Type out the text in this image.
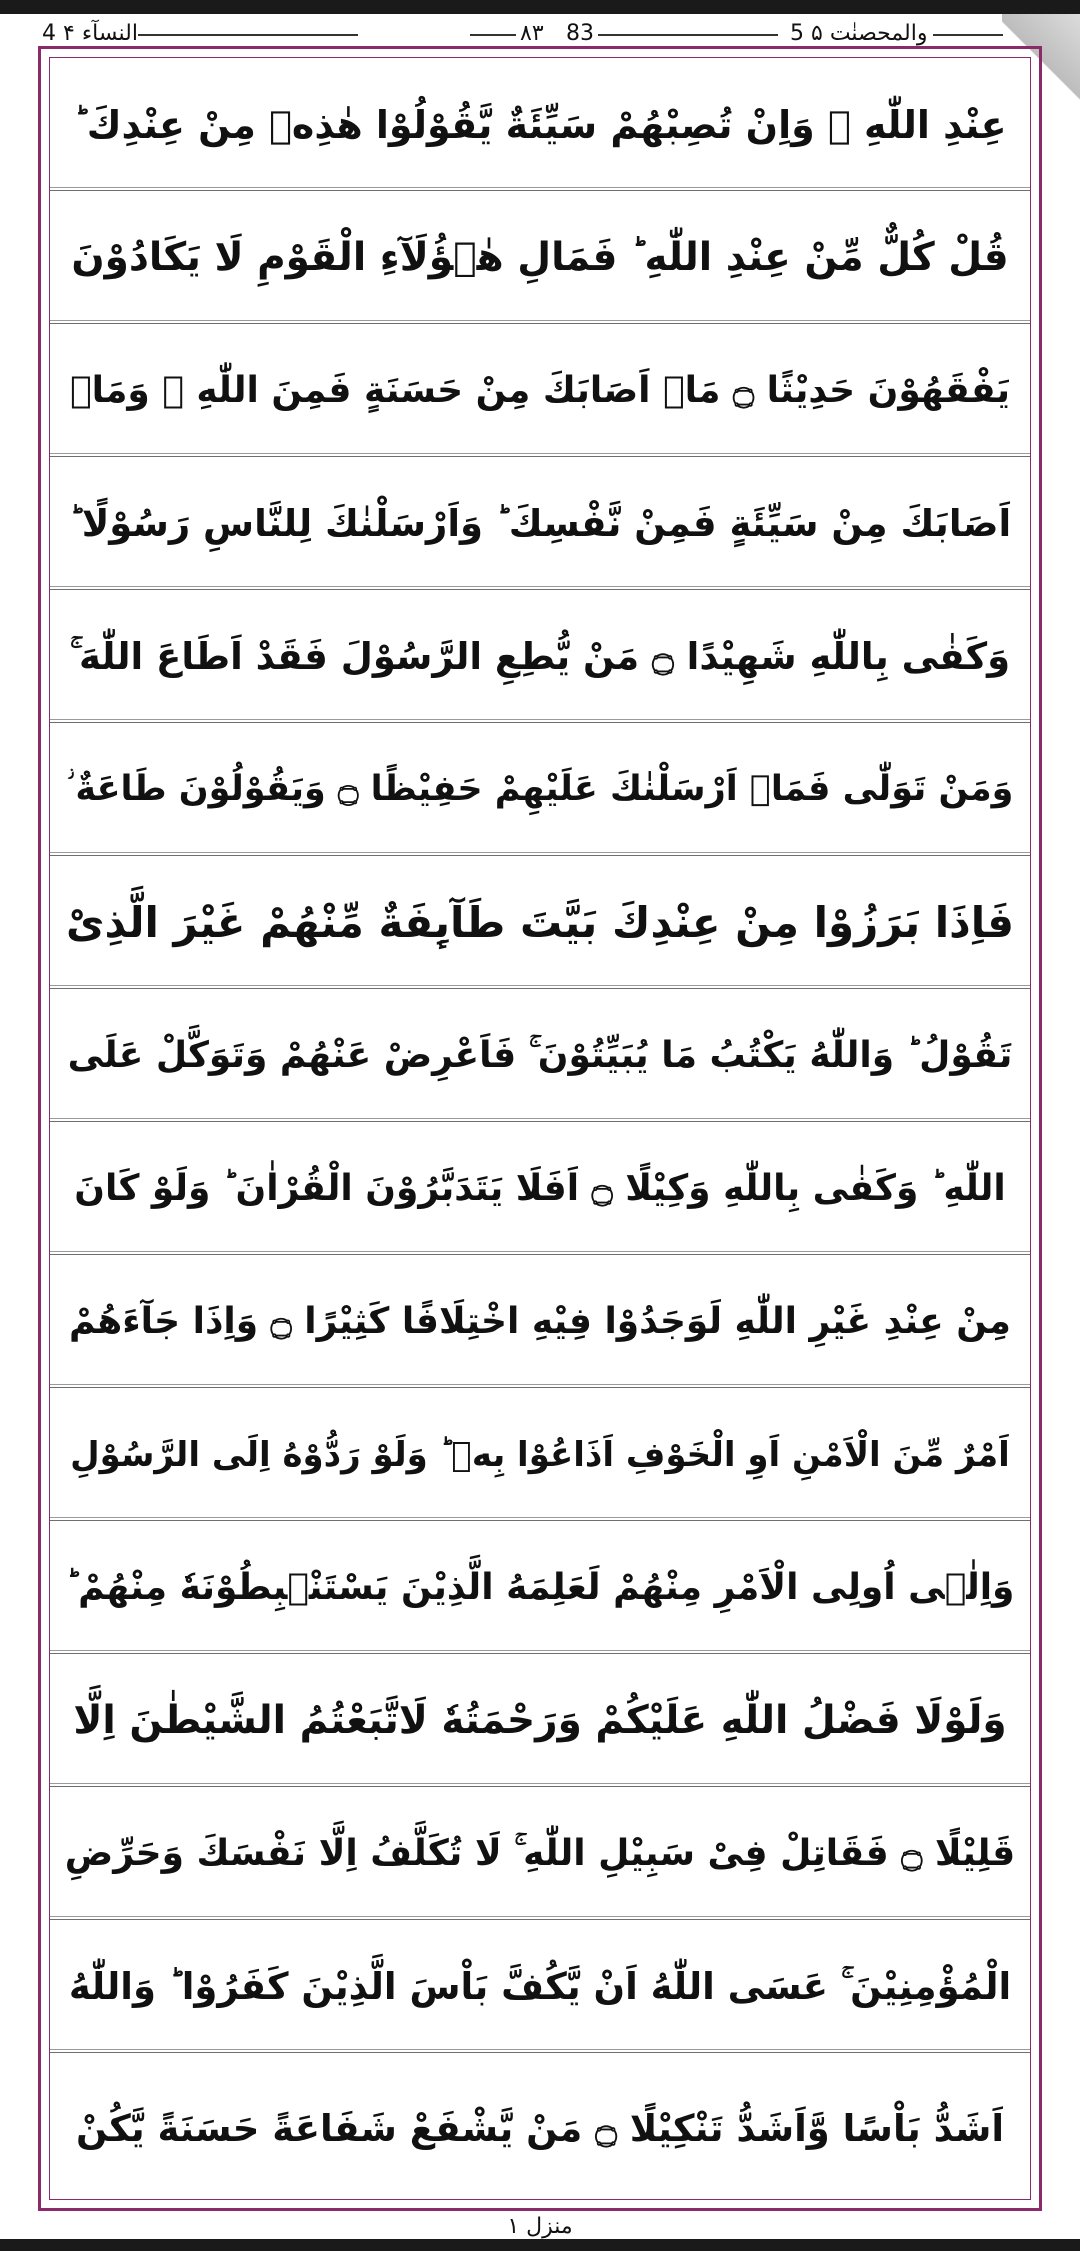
4 النسآء ۴	٨٣ 83	5 والمحصنٰت ۵
عِنْدِ اللّٰهِ ۚ وَاِنْ تُصِبْهُمْ سَیِّئَةٌ یَّقُوْلُوْا هٰذِهٖ مِنْ عِنْدِكَ ؕ
قُلْ كُلٌّ مِّنْ عِنْدِ اللّٰهِ ؕ فَمَالِ هٰۤؤُلَآءِ الْقَوْمِ لَا یَكَادُوْنَ
یَفْقَهُوْنَ حَدِیْثًا ۝ مَاۤ اَصَابَكَ مِنْ حَسَنَةٍ فَمِنَ اللّٰهِ ۫ وَمَاۤ
اَصَابَكَ مِنْ سَیِّئَةٍ فَمِنْ نَّفْسِكَ ؕ وَاَرْسَلْنٰكَ لِلنَّاسِ رَسُوْلًا ؕ
وَكَفٰى بِاللّٰهِ شَهِیْدًا ۝ مَنْ یُّطِعِ الرَّسُوْلَ فَقَدْ اَطَاعَ اللّٰهَ ۚ
وَمَنْ تَوَلّٰى فَمَاۤ اَرْسَلْنٰكَ عَلَیْهِمْ حَفِیْظًا ۝ وَیَقُوْلُوْنَ طَاعَةٌ ؗ
فَاِذَا بَرَزُوْا مِنْ عِنْدِكَ بَیَّتَ طَآىِٕفَةٌ مِّنْهُمْ غَیْرَ الَّذِیْ
تَقُوْلُ ؕ وَاللّٰهُ یَكْتُبُ مَا یُبَیِّتُوْنَ ۚ فَاَعْرِضْ عَنْهُمْ وَتَوَكَّلْ عَلَى
اللّٰهِ ؕ وَكَفٰى بِاللّٰهِ وَكِیْلًا ۝ اَفَلَا یَتَدَبَّرُوْنَ الْقُرْاٰنَ ؕ وَلَوْ كَانَ
مِنْ عِنْدِ غَیْرِ اللّٰهِ لَوَجَدُوْا فِیْهِ اخْتِلَافًا كَثِیْرًا ۝ وَاِذَا جَآءَهُمْ
اَمْرٌ مِّنَ الْاَمْنِ اَوِ الْخَوْفِ اَذَاعُوْا بِهٖ ؕ وَلَوْ رَدُّوْهُ اِلَى الرَّسُوْلِ
وَاِلٰۤى اُولِی الْاَمْرِ مِنْهُمْ لَعَلِمَهُ الَّذِیْنَ یَسْتَنْۢبِطُوْنَهٗ مِنْهُمْ ؕ
وَلَوْلَا فَضْلُ اللّٰهِ عَلَیْكُمْ وَرَحْمَتُهٗ لَاتَّبَعْتُمُ الشَّیْطٰنَ اِلَّا
قَلِیْلًا ۝ فَقَاتِلْ فِیْ سَبِیْلِ اللّٰهِ ۚ لَا تُكَلَّفُ اِلَّا نَفْسَكَ وَحَرِّضِ
الْمُؤْمِنِیْنَ ۚ عَسَى اللّٰهُ اَنْ یَّكُفَّ بَاْسَ الَّذِیْنَ كَفَرُوْا ؕ وَاللّٰهُ
اَشَدُّ بَاْسًا وَّاَشَدُّ تَنْكِیْلًا ۝ مَنْ یَّشْفَعْ شَفَاعَةً حَسَنَةً یَّكُنْ
منزل ۱
